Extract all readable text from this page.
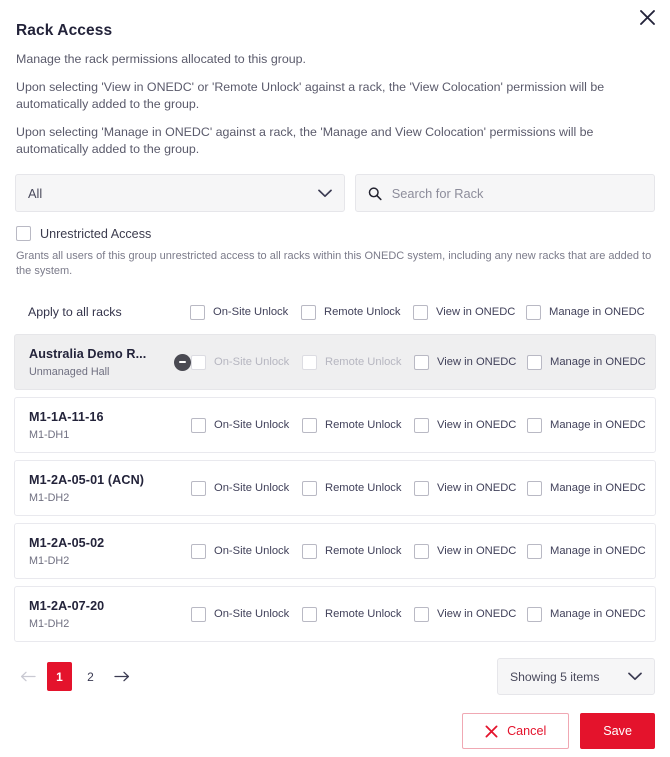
Rack Access

Manage the rack permissions allocated to this group.

Upon selecting 'View in ONEDC' or 'Remote Unlock' against a rack, the 'View Colocation' permission will be automatically added to the group.

Upon selecting 'Manage in ONEDC' against a rack, the 'Manage and View Colocation' permissions will be automatically added to the group.

All
Search for Rack
Unrestricted Access

Grants all users of this group unrestricted access to all racks within this ONEDC system, including any new racks that are added to the system.

Apply to all racks	On-Site Unlock	Remote Unlock	View in ONEDC	Manage in ONEDC
Australia Demo R...
Unmanaged Hall
On-Site Unlock	Remote Unlock	View in ONEDC	Manage in ONEDC
M1-1A-11-16
M1-DH1
On-Site Unlock	Remote Unlock	View in ONEDC	Manage in ONEDC
M1-2A-05-01 (ACN)
M1-DH2
On-Site Unlock	Remote Unlock	View in ONEDC	Manage in ONEDC
M1-2A-05-02
M1-DH2
On-Site Unlock	Remote Unlock	View in ONEDC	Manage in ONEDC
M1-2A-07-20
M1-DH2
On-Site Unlock	Remote Unlock	View in ONEDC	Manage in ONEDC
1	2	Showing 5 items
Cancel	Save
